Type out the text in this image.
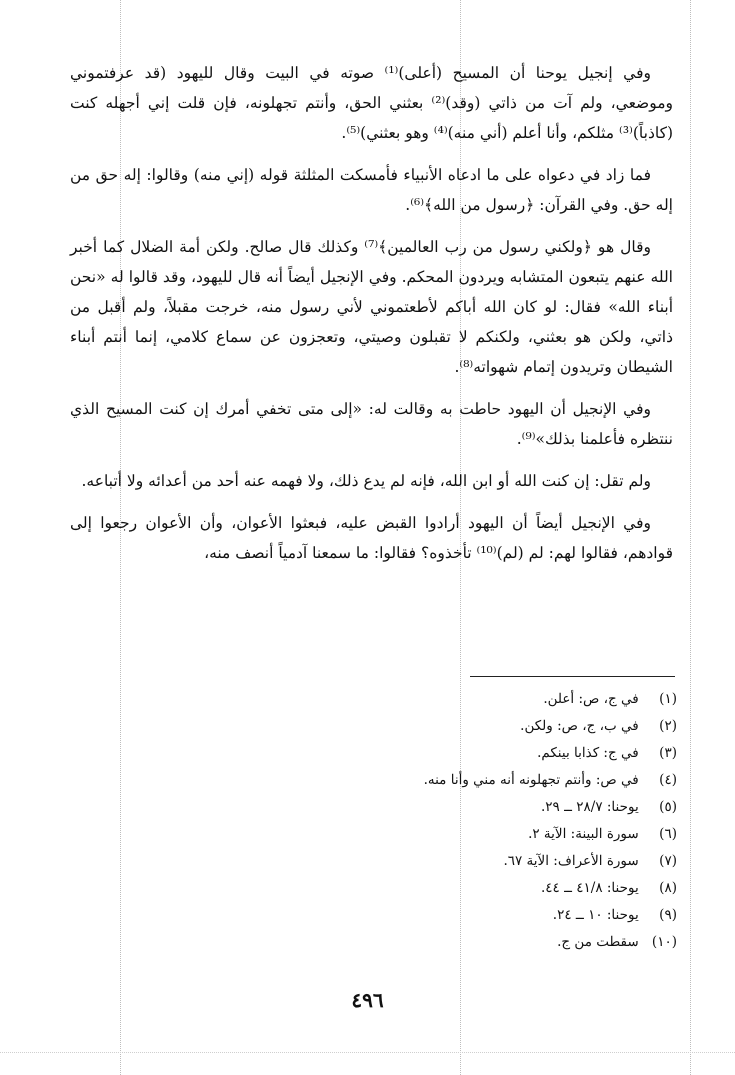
وفي إنجيل يوحنا أن المسيح (أعلى)⁽¹⁾ صوته في البيت وقال لليهود (قد عرفتموني وموضعي، ولم آت من ذاتي (وقد)⁽²⁾ بعثني الحق، وأنتم تجهلونه، فإن قلت إني أجهله كنت (كاذباً)⁽³⁾ مثلكم، وأنا أعلم (أني منه)⁽⁴⁾ وهو بعثني)⁽⁵⁾.

فما زاد في دعواه على ما ادعاه الأنبياء فأمسكت المثلثة قوله (إني منه) وقالوا: إله حق من إله حق. وفي القرآن: ﴿رسول من الله﴾⁽⁶⁾.

وقال هو ﴿ولكني رسول من رب العالمين﴾⁽⁷⁾ وكذلك قال صالح. ولكن أمة الضلال كما أخبر الله عنهم يتبعون المتشابه ويردون المحكم. وفي الإنجيل أيضاً أنه قال لليهود، وقد قالوا له «نحن أبناء الله» فقال: لو كان الله أباكم لأطعتموني لأني رسول منه، خرجت مقبلاً، ولم أقبل من ذاتي، ولكن هو بعثني، ولكنكم لا تقبلون وصيتي، وتعجزون عن سماع كلامي، إنما أنتم أبناء الشيطان وتريدون إتمام شهواته⁽⁸⁾.

وفي الإنجيل أن اليهود حاطت به وقالت له: «إلى متى تخفي أمرك إن كنت المسيح الذي ننتظره فأعلمنا بذلك»⁽⁹⁾.

ولم تقل: إن كنت الله أو ابن الله، فإنه لم يدع ذلك، ولا فهمه عنه أحد من أعدائه ولا أتباعه.

وفي الإنجيل أيضاً أن اليهود أرادوا القبض عليه، فبعثوا الأعوان، وأن الأعوان رجعوا إلى قوادهم، فقالوا لهم: لم (لم)⁽¹⁰⁾ تأخذوه؟ فقالوا: ما سمعنا آدمياً أنصف منه،

(١) في ج، ص: أعلن.
(٢) في ب، ج، ص: ولكن.
(٣) في ج: كذابا بينكم.
(٤) في ص: وأنتم تجهلونه أنه مني وأنا منه.
(٥) يوحنا: ٢٨/٧ ــ ٢٩.
(٦) سورة البينة: الآية ٢.
(٧) سورة الأعراف: الآية ٦٧.
(٨) يوحنا: ٤١/٨ ــ ٤٤.
(٩) يوحنا: ١٠ ــ ٢٤.
(١٠) سقطت من ج.
٤٩٦
